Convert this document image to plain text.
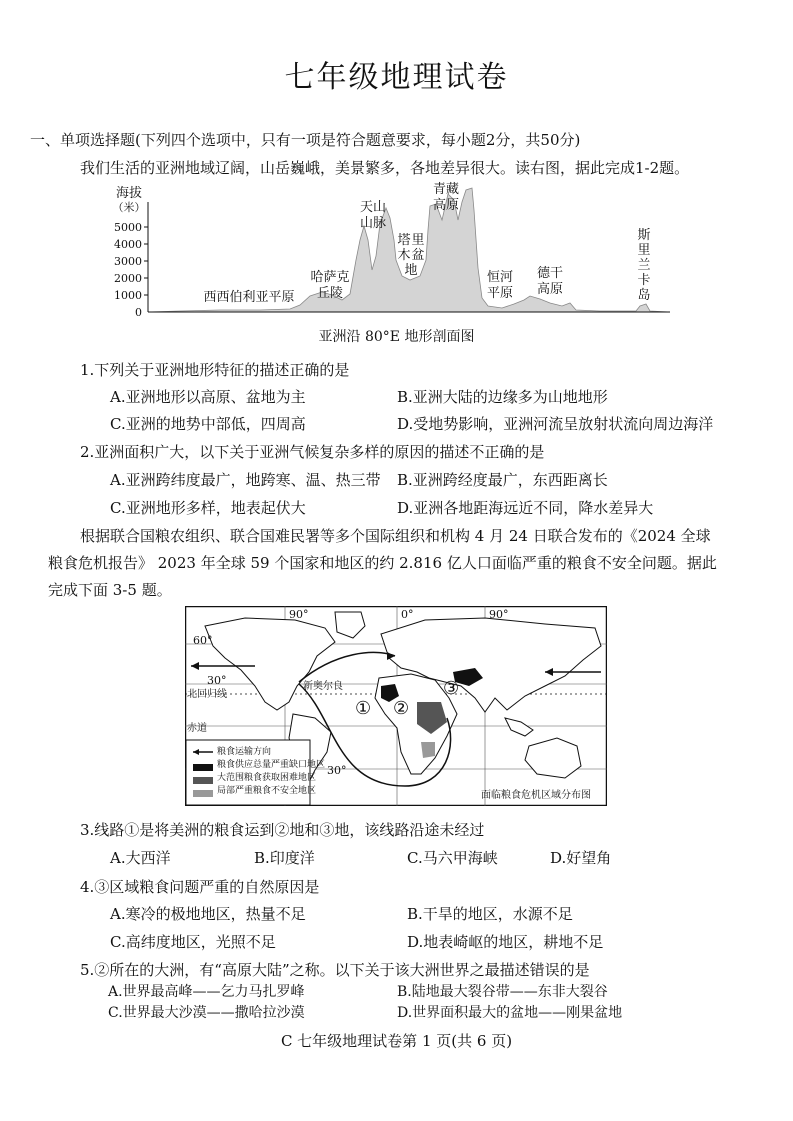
七年级地理试卷
一、单项选择题(下列四个选项中，只有一项是符合题意要求，每小题2分，共50分)
我们生活的亚洲地域辽阔，山岳巍峨，美景繁多，各地差异很大。读右图，据此完成1-2题。
海拔
（米）
5000
4000
3000
2000
1000
0
西西伯利亚平原
哈萨克
丘陵
天山
山脉
塔 里
木 盆
地
青藏
高原
恒河
平原
德干
高原
斯
里
兰
卡
岛
亚洲沿 80°E 地形剖面图
1.下列关于亚洲地形特征的描述正确的是
A.亚洲地形以高原、盆地为主	B.亚洲大陆的边缘多为山地地形
C.亚洲的地势中部低，四周高	D.受地势影响，亚洲河流呈放射状流向周边海洋
2.亚洲面积广大，以下关于亚洲气候复杂多样的原因的描述不正确的是
A.亚洲跨纬度最广，地跨寒、温、热三带 B.亚洲跨经度最广，东西距离长
C.亚洲地形多样，地表起伏大	D.亚洲各地距海远近不同，降水差异大
根据联合国粮农组织、联合国难民署等多个国际组织和机构 4 月 24 日联合发布的《2024 全球
粮食危机报告》 2023 年全球 59 个国家和地区的约 2.816 亿人口面临严重的粮食不安全问题。据此
完成下面 3-5 题。
90°	0°	90°
60°
30°
30°
北回归线
赤道
新奥尔良
① ②
③
粮食运输方向
粮食供应总量严重缺口地区
大范围粮食获取困难地区
局部严重粮食不安全地区	面临粮食危机区域分布图
3.线路①是将美洲的粮食运到②地和③地，该线路沿途未经过
A.大西洋	B.印度洋	C.马六甲海峡	D.好望角
4.③区域粮食问题严重的自然原因是
A.寒冷的极地地区，热量不足	B.干旱的地区，水源不足
C.高纬度地区，光照不足	D.地表崎岖的地区，耕地不足
5.②所在的大洲，有“高原大陆”之称。以下关于该大洲世界之最描述错误的是
A.世界最高峰——乞力马扎罗峰	B.陆地最大裂谷带——东非大裂谷
C.世界最大沙漠——撒哈拉沙漠	D.世界面积最大的盆地——刚果盆地
C 七年级地理试卷第 1 页(共 6 页)
